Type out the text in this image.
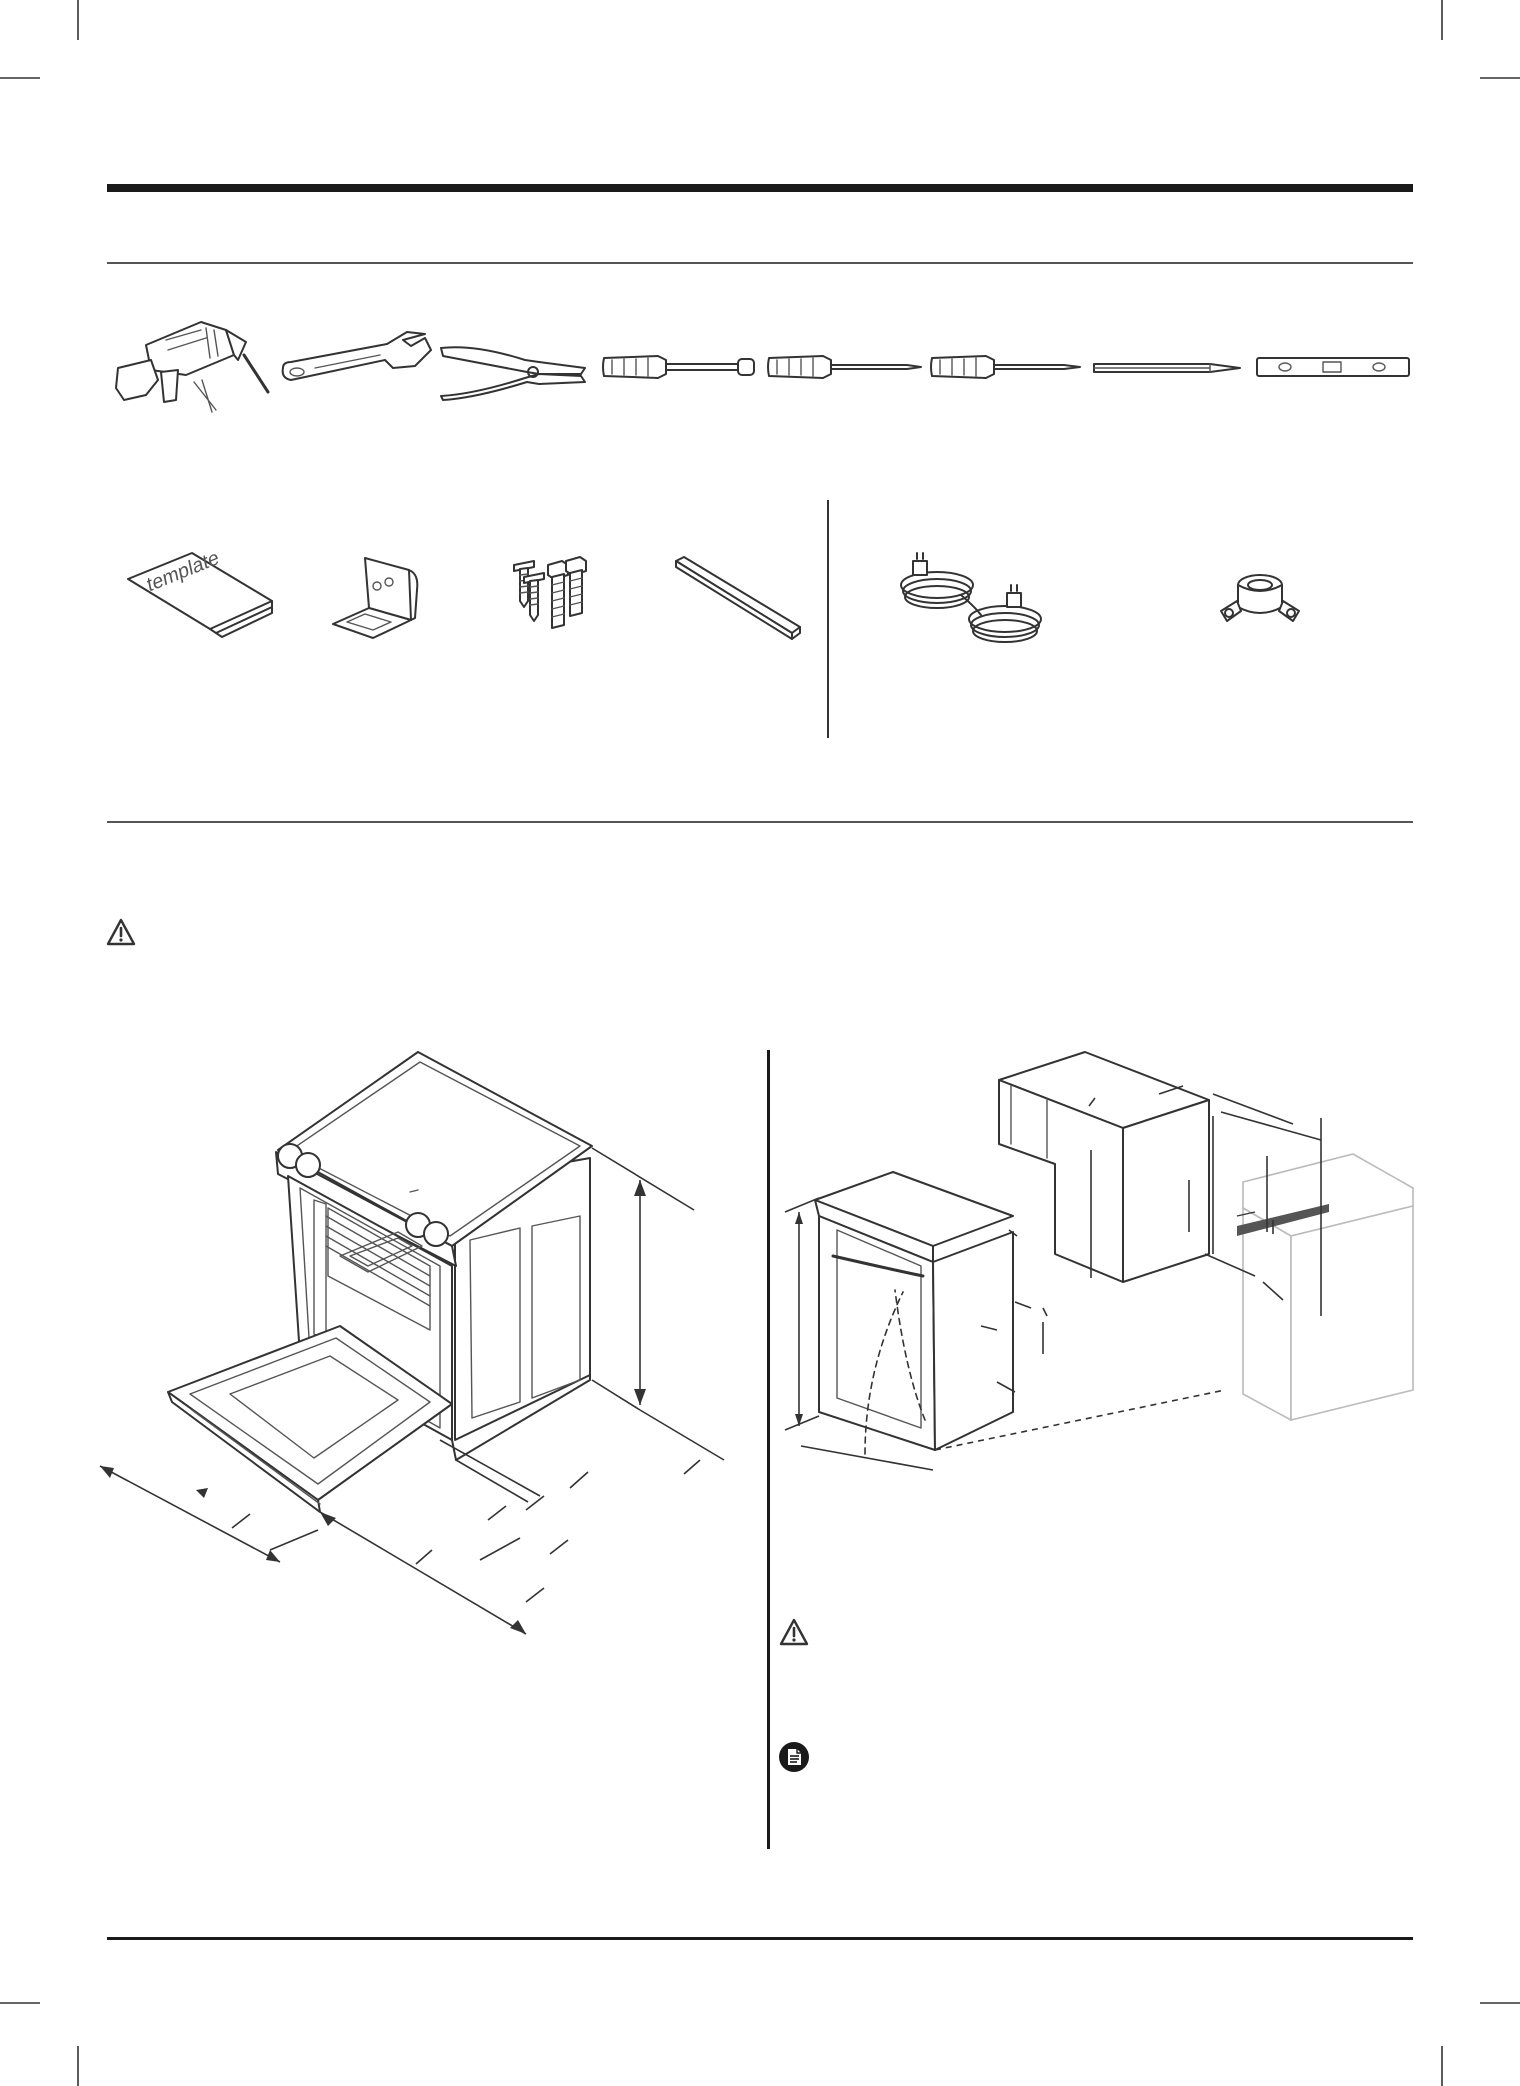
template
